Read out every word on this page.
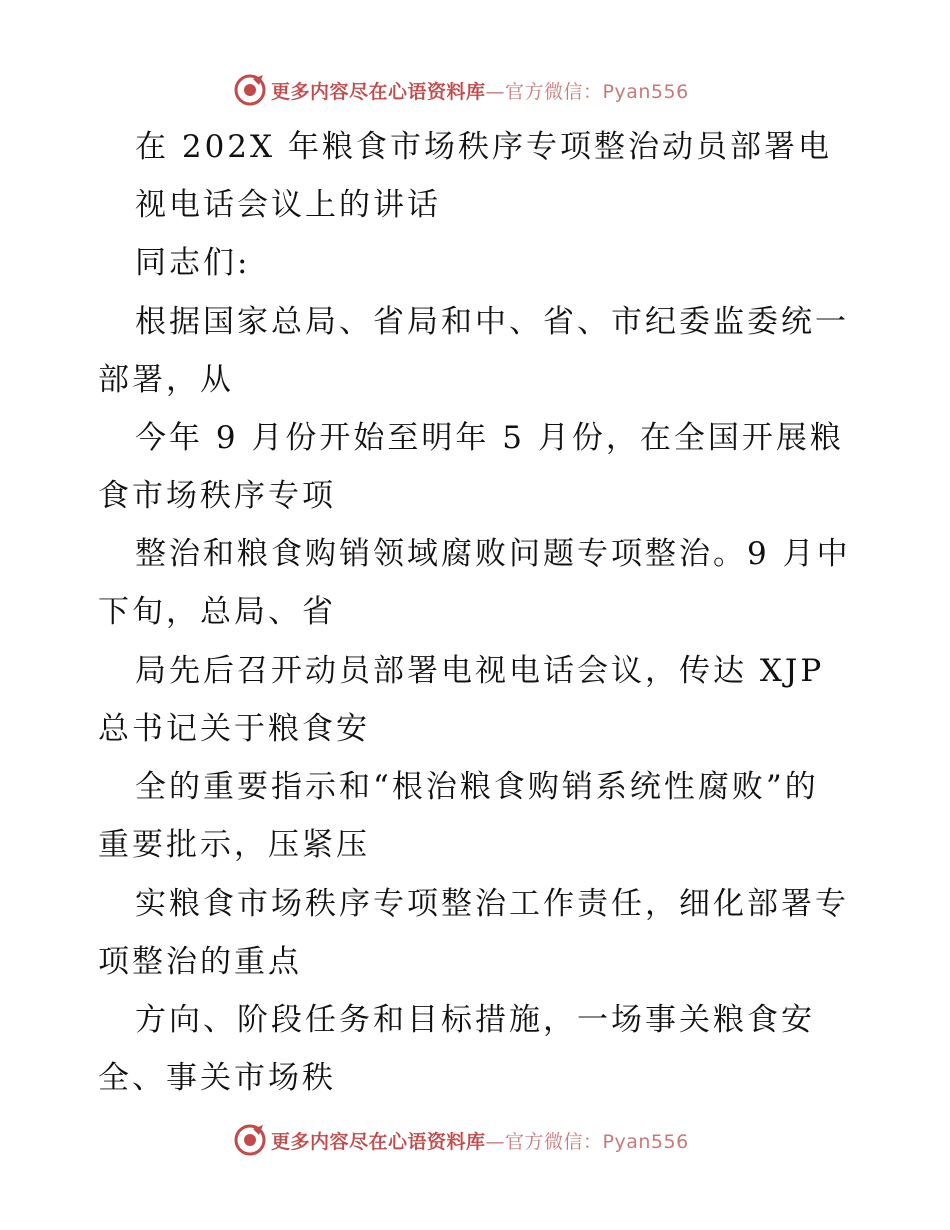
更多内容尽在心语资料库—官方微信：Pyan556
在 202X 年粮食市场秩序专项整治动员部署电
视电话会议上的讲话
同志们:
根据国家总局、省局和中、省、市纪委监委统一
部署，从
今年 9 月份开始至明年 5 月份，在全国开展粮
食市场秩序专项
整治和粮食购销领域腐败问题专项整治。9 月中
下旬，总局、省
局先后召开动员部署电视电话会议，传达 XJP
总书记关于粮食安
全的重要指示和“根治粮食购销系统性腐败”的
重要批示，压紧压
实粮食市场秩序专项整治工作责任，细化部署专
项整治的重点
方向、阶段任务和目标措施，一场事关粮食安
全、事关市场秩
更多内容尽在心语资料库—官方微信：Pyan556
